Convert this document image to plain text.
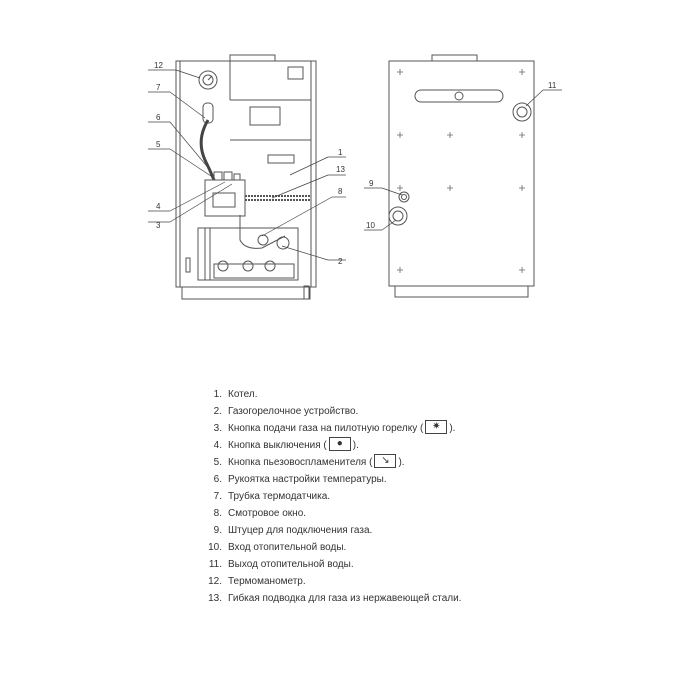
12
7
6
5
4
3
1
13
8
2
11
9
10
1. Котел.
2. Газогорелочное устройство.
3. Кнопка подачи газа на пилотную горелку ( ✷ ).
4. Кнопка выключения ( ● ).
5. Кнопка пьезовоспламенителя ( ↘ ).
6. Рукоятка настройки температуры.
7. Трубка термодатчика.
8. Смотровое окно.
9. Штуцер для подключения газа.
10. Вход отопительной воды.
11. Выход отопительной воды.
12. Термоманометр.
13. Гибкая подводка для газа из нержавеющей стали.
